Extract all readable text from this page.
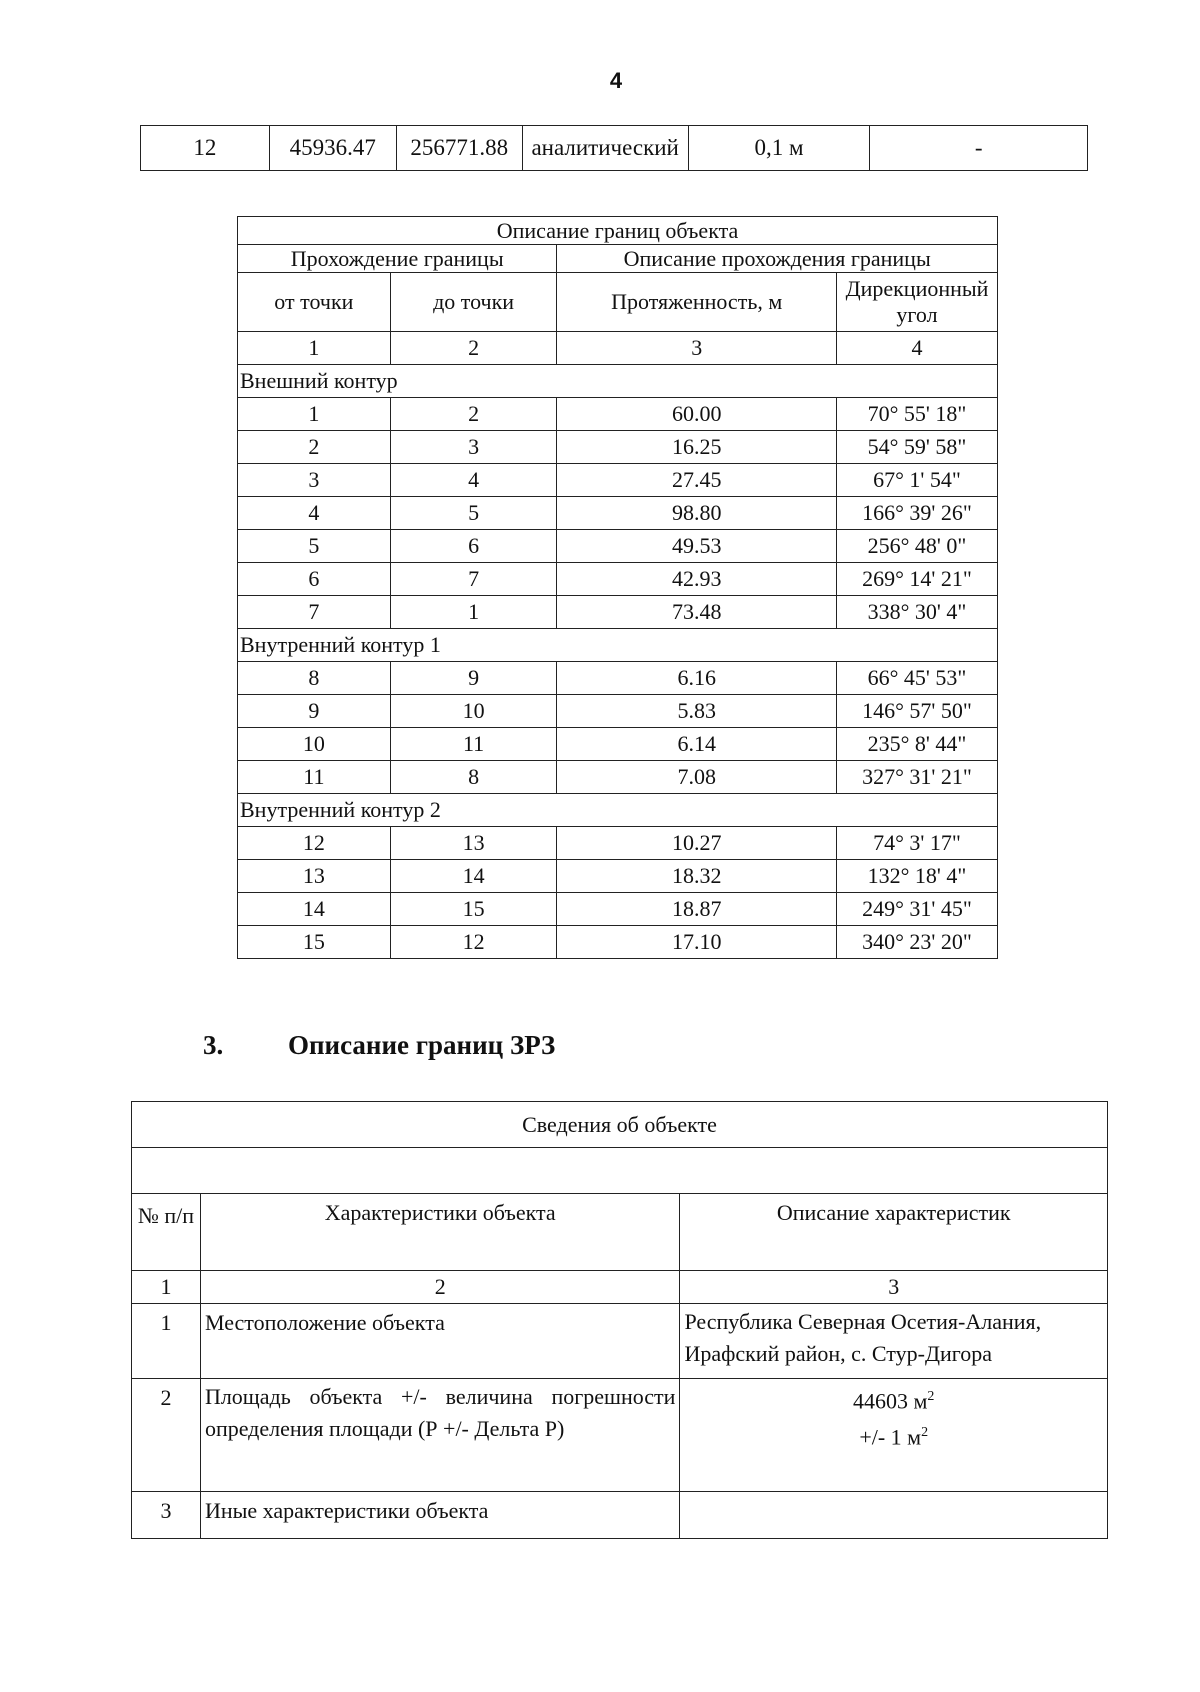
4
12	45936.47	256771.88	аналитический	0,1 м	-
Описание границ объекта			
Прохождение границы		Описание прохождения границы	
от точки	до точки	Протяженность, м	Дирекционный угол
1	2	3	4
Внешний контур			
1	2	60.00	70° 55' 18"
2	3	16.25	54° 59' 58"
3	4	27.45	67° 1' 54"
4	5	98.80	166° 39' 26"
5	6	49.53	256° 48' 0"
6	7	42.93	269° 14' 21"
7	1	73.48	338° 30' 4"
Внутренний контур 1			
8	9	6.16	66° 45' 53"
9	10	5.83	146° 57' 50"
10	11	6.14	235° 8' 44"
11	8	7.08	327° 31' 21"
Внутренний контур 2			
12	13	10.27	74° 3' 17"
13	14	18.32	132° 18' 4"
14	15	18.87	249° 31' 45"
15	12	17.10	340° 23' 20"
3. Описание границ ЗРЗ
Сведения об объекте		

№ п/п	Характеристики объекта	Описание характеристик
1	2	3
1	Местоположение объекта	Республика Северная Осетия-Алания, Ирафский район, с. Стур-Дигора
2	Площадь объекта +/- величина погрешности определения площади (Р +/- Дельта Р)	44603 $м^2$
+/- 1 $м^2$

3	Иные характеристики объекта	
